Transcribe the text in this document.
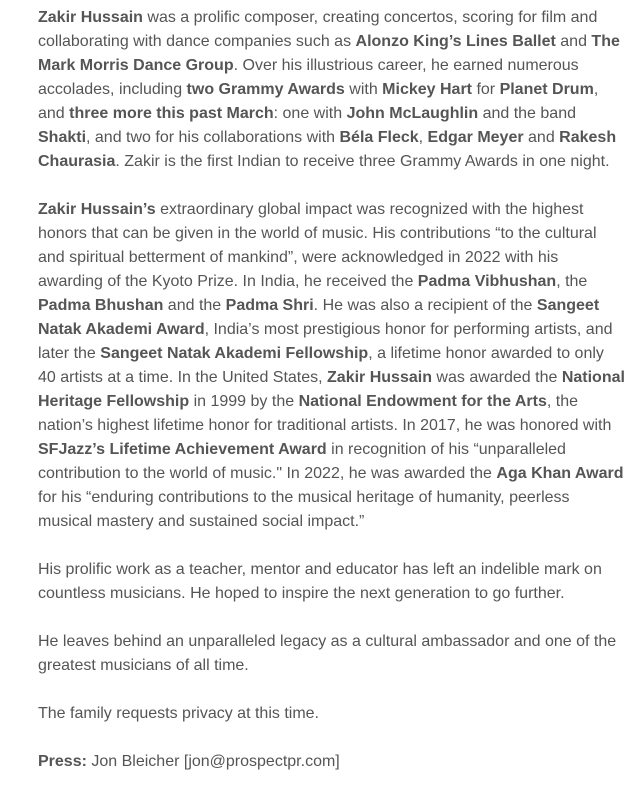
Zakir Hussain was a prolific composer, creating concertos, scoring for film and collaborating with dance companies such as Alonzo King’s Lines Ballet and The Mark Morris Dance Group. Over his illustrious career, he earned numerous accolades, including two Grammy Awards with Mickey Hart for Planet Drum, and three more this past March: one with John McLaughlin and the band Shakti, and two for his collaborations with Béla Fleck, Edgar Meyer and Rakesh Chaurasia. Zakir is the first Indian to receive three Grammy Awards in one night.

Zakir Hussain’s extraordinary global impact was recognized with the highest honors that can be given in the world of music. His contributions “to the cultural and spiritual betterment of mankind”, were acknowledged in 2022 with his awarding of the Kyoto Prize. In India, he received the Padma Vibhushan, the Padma Bhushan and the Padma Shri. He was also a recipient of the Sangeet Natak Akademi Award, India’s most prestigious honor for performing artists, and later the Sangeet Natak Akademi Fellowship, a lifetime honor awarded to only 40 artists at a time. In the United States, Zakir Hussain was awarded the National Heritage Fellowship in 1999 by the National Endowment for the Arts, the nation’s highest lifetime honor for traditional artists. In 2017, he was honored with SFJazz’s Lifetime Achievement Award in recognition of his “unparalleled contribution to the world of music." In 2022, he was awarded the Aga Khan Award for his “enduring contributions to the musical heritage of humanity, peerless musical mastery and sustained social impact.”

His prolific work as a teacher, mentor and educator has left an indelible mark on countless musicians. He hoped to inspire the next generation to go further.

He leaves behind an unparalleled legacy as a cultural ambassador and one of the greatest musicians of all time.

The family requests privacy at this time.

Press: Jon Bleicher [jon@prospectpr.com]
